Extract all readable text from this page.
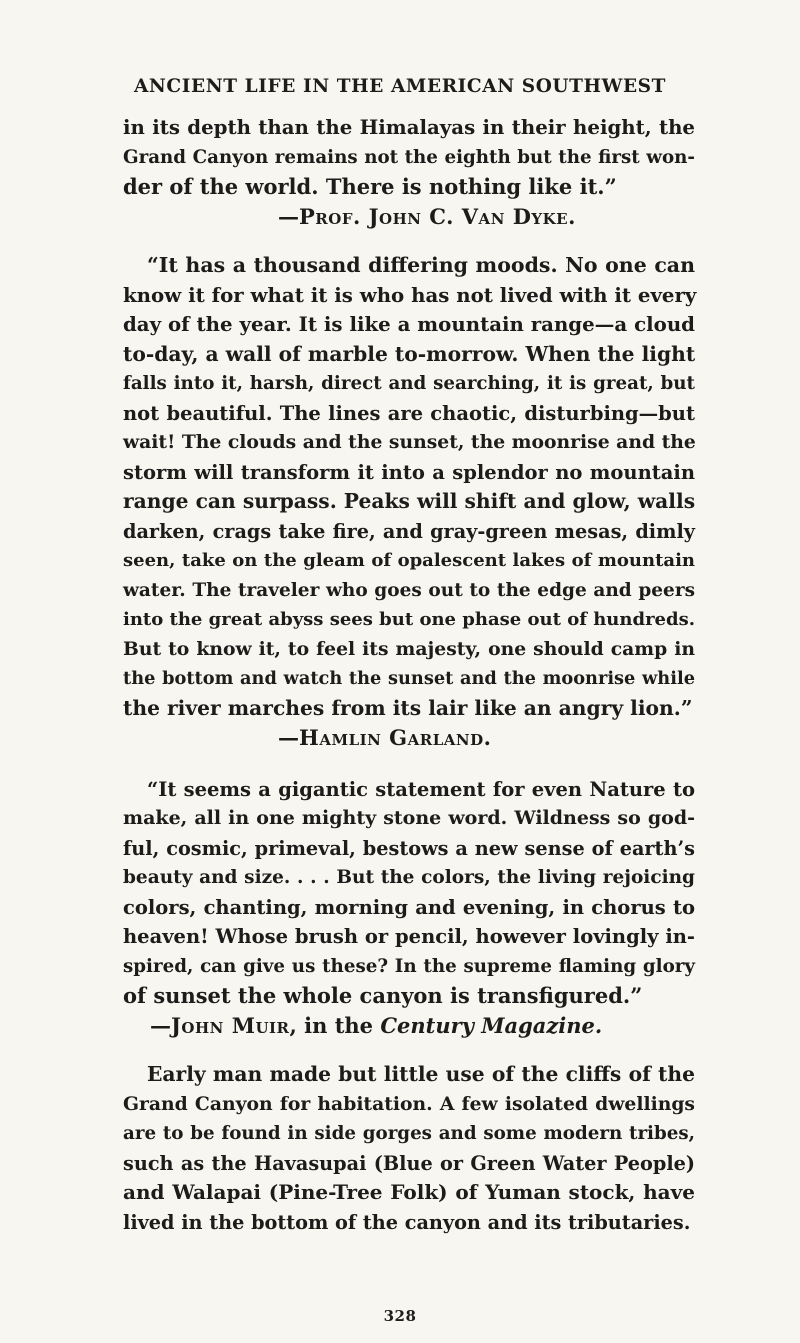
ANCIENT LIFE IN THE AMERICAN SOUTHWEST
in its depth than the Himalayas in their height, the
Grand Canyon remains not the eighth but the first won-
der of the world. There is nothing like it.”
—Prof. John C. Van Dyke.
“It has a thousand differing moods. No one can
know it for what it is who has not lived with it every
day of the year. It is like a mountain range—a cloud
to-day, a wall of marble to-morrow. When the light
falls into it, harsh, direct and searching, it is great, but
not beautiful. The lines are chaotic, disturbing—but
wait! The clouds and the sunset, the moonrise and the
storm will transform it into a splendor no mountain
range can surpass. Peaks will shift and glow, walls
darken, crags take fire, and gray-green mesas, dimly
seen, take on the gleam of opalescent lakes of mountain
water. The traveler who goes out to the edge and peers
into the great abyss sees but one phase out of hundreds.
But to know it, to feel its majesty, one should camp in
the bottom and watch the sunset and the moonrise while
the river marches from its lair like an angry lion.”
—Hamlin Garland.
“It seems a gigantic statement for even Nature to
make, all in one mighty stone word. Wildness so god-
ful, cosmic, primeval, bestows a new sense of earth’s
beauty and size. . . . But the colors, the living rejoicing
colors, chanting, morning and evening, in chorus to
heaven! Whose brush or pencil, however lovingly in-
spired, can give us these? In the supreme flaming glory
of sunset the whole canyon is transfigured.”
—John Muir, in the Century Magazine.
Early man made but little use of the cliffs of the
Grand Canyon for habitation. A few isolated dwellings
are to be found in side gorges and some modern tribes,
such as the Havasupai (Blue or Green Water People)
and Walapai (Pine-Tree Folk) of Yuman stock, have
lived in the bottom of the canyon and its tributaries.
328
